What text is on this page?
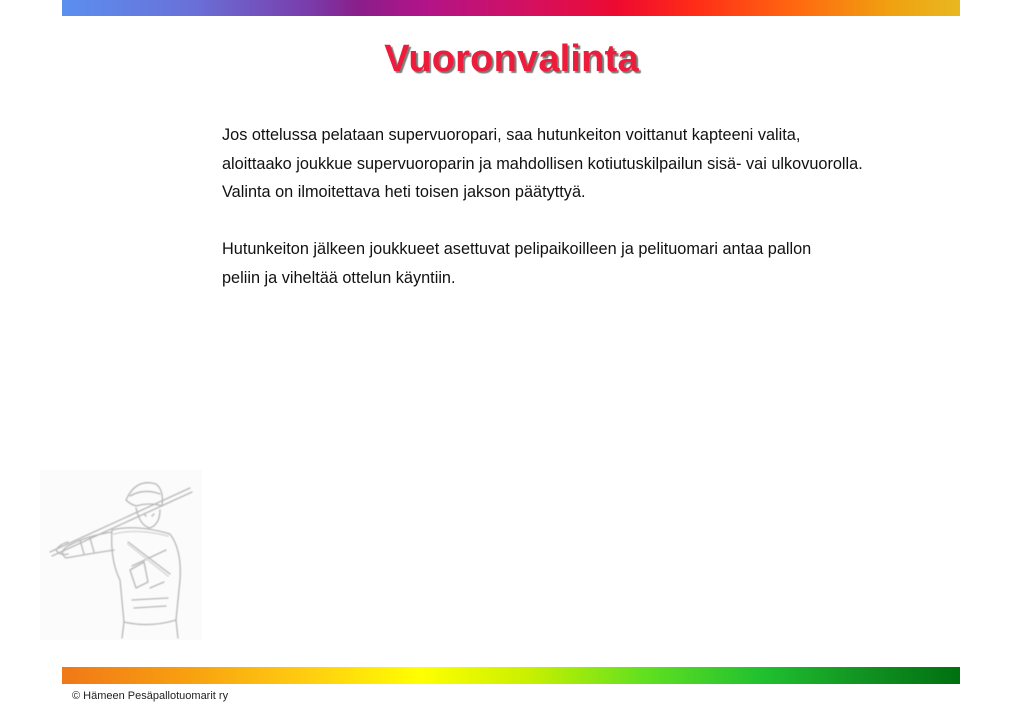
Vuoronvalinta

Jos ottelussa pelataan supervuoropari, saa hutunkeiton voittanut kapteeni valita,
aloittaako joukkue supervuoroparin ja mahdollisen kotiutuskilpailun sisä- vai ulkovuorolla.
Valinta on ilmoitettava heti toisen jakson päätyttyä.

Hutunkeiton jälkeen joukkueet asettuvat pelipaikoilleen ja pelituomari antaa pallon
peliin ja viheltää ottelun käyntiin.

© Hämeen Pesäpallotuomarit ry
